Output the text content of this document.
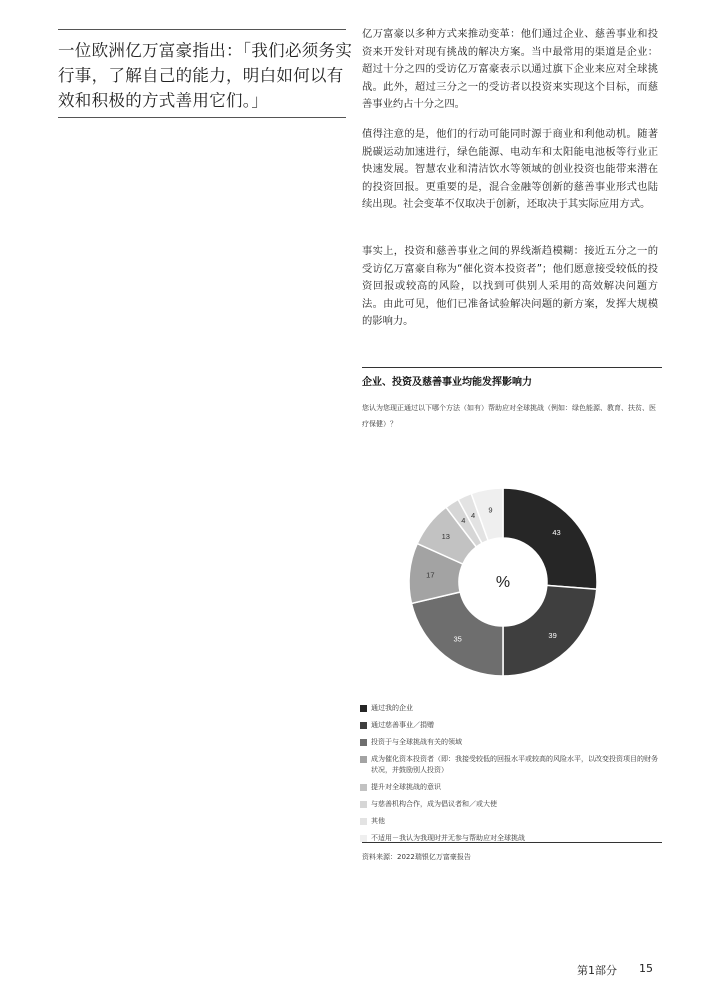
一位欧洲亿万富豪指出：「我们必须务实行事，了解自己的能力，明白如何以有效和积极的方式善用它们。」

亿万富豪以多种方式来推动变革：他们通过企业、慈善事业和投资来开发针对现有挑战的解决方案。当中最常用的渠道是企业：超过十分之四的受访亿万富豪表示以通过旗下企业来应对全球挑战。此外，超过三分之一的受访者以投资来实现这个目标，而慈善事业约占十分之四。

值得注意的是，他们的行动可能同时源于商业和利他动机。随著脱碳运动加速进行，绿色能源、电动车和太阳能电池板等行业正快速发展。智慧农业和清洁饮水等领域的创业投资也能带来潜在的投资回报。更重要的是，混合金融等创新的慈善事业形式也陆续出现。社会变革不仅取决于创新，还取决于其实际应用方式。

事实上，投资和慈善事业之间的界线渐趋模糊：接近五分之一的受访亿万富豪自称为“催化资本投资者”；他们愿意接受较低的投资回报或较高的风险，以找到可供别人采用的高效解决问题方法。由此可见，他们已准备试验解决问题的新方案，发挥大规模的影响力。

企业、投资及慈善事业均能发挥影响力
您认为您现正通过以下哪个方法（如有）帮助应对全球挑战（例如：绿色能源、教育、扶贫、医疗保健）？
43
39
35
17
13
4
4
9
%
通过我的企业
通过慈善事业／捐赠
投资于与全球挑战有关的领域
成为催化资本投资者（即：我接受较低的回报水平或较高的风险水平，以改变投资项目的财务状况，并鼓励别人投资）
提升对全球挑战的意识
与慈善机构合作，成为倡议者和／或大使
其他
不适用－我认为我现时并无参与帮助应对全球挑战
资料来源：2022瑞银亿万富豪报告
第1部分 15
